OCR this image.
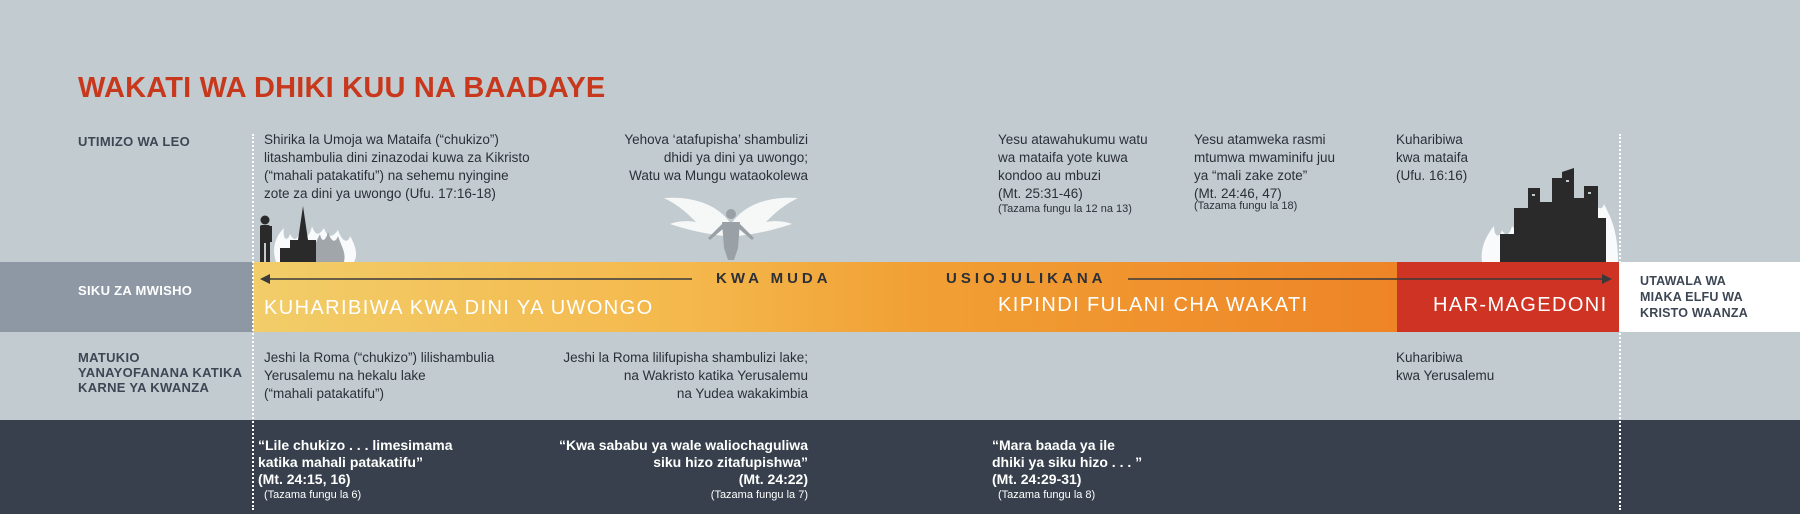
WAKATI WA DHIKI KUU NA BAADAYE
UTIMIZO WA LEO	Shirika la Umoja wa Mataifa (“chukizo”)
litashambulia dini zinazodai kuwa za Kikristo
(“mahali patakatifu”) na sehemu nyingine
zote za dini ya uwongo (Ufu. 17:16-18)
Yehova ‘atafupisha’ shambulizi
dhidi ya dini ya uwongo;
Watu wa Mungu wataokolewa
Yesu atawahukumu watu
wa mataifa yote kuwa
kondoo au mbuzi
(Mt. 25:31-46)
(Tazama fungu la 12 na 13)
Yesu atamweka rasmi
mtumwa mwaminifu juu
ya “mali zake zote”
(Mt. 24:46, 47)
(Tazama fungu la 18)
Kuharibiwa
kwa mataifa
(Ufu. 16:16)
SIKU ZA MWISHO
KUHARIBIWA KWA DINI YA UWONGO	KIPINDI FULANI CHA WAKATI	HAR-MAGEDONI
UTAWALA WA
MIAKA ELFU WA
KRISTO WAANZA
KWA MUDA	USIOJULIKANA
MATUKIO
YANAYOFANANA KATIKA
KARNE YA KWANZA
Jeshi la Roma (“chukizo”) lilishambulia
Yerusalemu na hekalu lake
(“mahali patakatifu”)
Jeshi la Roma lilifupisha shambulizi lake;
na Wakristo katika Yerusalemu
na Yudea wakakimbia
Kuharibiwa
kwa Yerusalemu
“Lile chukizo . . . limesimama
katika mahali patakatifu”
(Mt. 24:15, 16)
(Tazama fungu la 6)
“Kwa sababu ya wale waliochaguliwa
siku hizo zitafupishwa”
(Mt. 24:22)
(Tazama fungu la 7)
“Mara baada ya ile
dhiki ya siku hizo . . . ”
(Mt. 24:29-31)
(Tazama fungu la 8)
